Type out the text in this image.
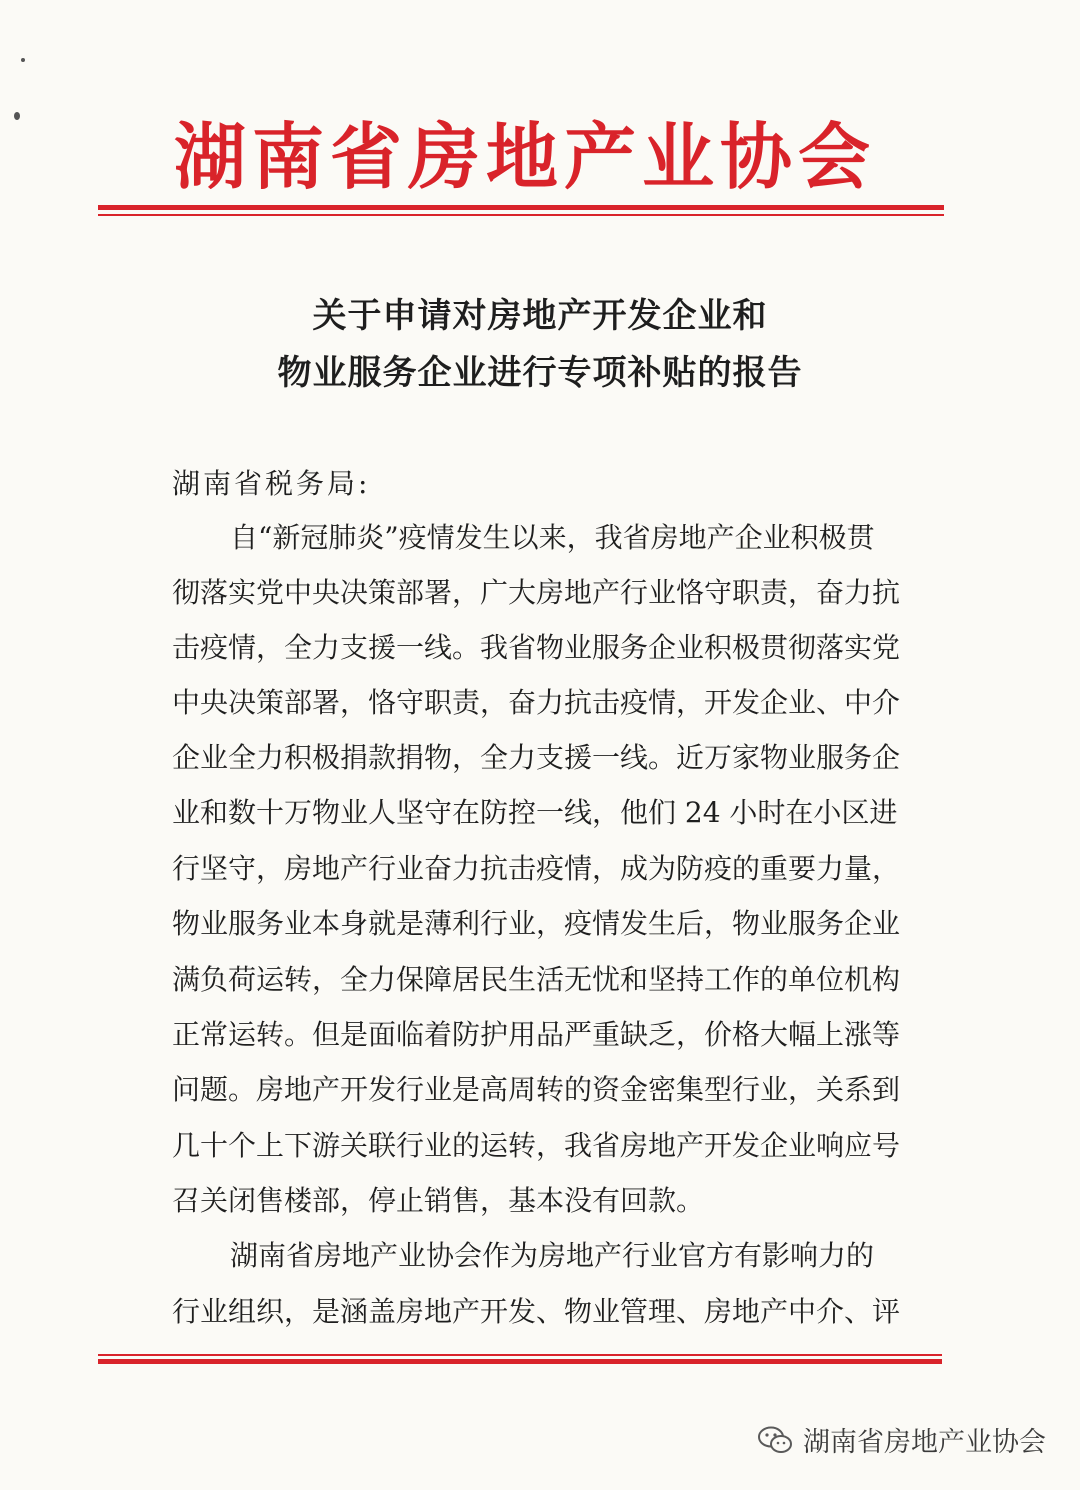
湖南省房地产业协会
关于申请对房地产开发企业和
物业服务企业进行专项补贴的报告
湖南省税务局:
自“新冠肺炎”疫情发生以来，我省房地产企业积极贯
彻落实党中央决策部署，广大房地产行业恪守职责，奋力抗
击疫情，全力支援一线。我省物业服务企业积极贯彻落实党
中央决策部署，恪守职责，奋力抗击疫情，开发企业、中介
企业全力积极捐款捐物，全力支援一线。近万家物业服务企
业和数十万物业人坚守在防控一线，他们 24 小时在小区进
行坚守，房地产行业奋力抗击疫情，成为防疫的重要力量，
物业服务业本身就是薄利行业，疫情发生后，物业服务企业
满负荷运转，全力保障居民生活无忧和坚持工作的单位机构
正常运转。但是面临着防护用品严重缺乏，价格大幅上涨等
问题。房地产开发行业是高周转的资金密集型行业，关系到
几十个上下游关联行业的运转，我省房地产开发企业响应号
召关闭售楼部，停止销售，基本没有回款。
湖南省房地产业协会作为房地产行业官方有影响力的
行业组织，是涵盖房地产开发、物业管理、房地产中介、评
湖南省房地产业协会
